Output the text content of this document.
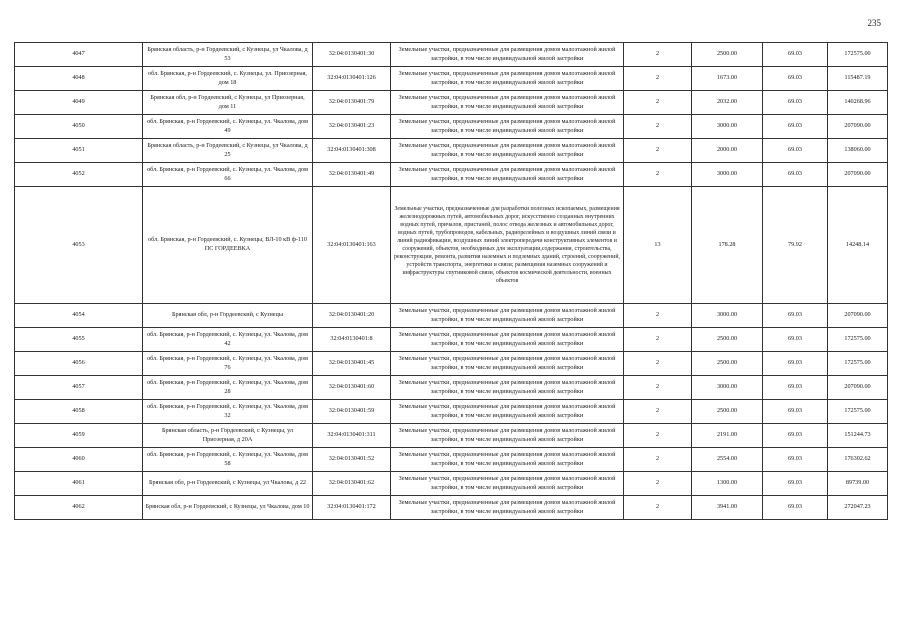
235
4047	Брянская область, р-н Гордеевский, с Кузнецы, ул Чкалова, д 53	32:04:0130401:30	Земельные участки, предназначенные для размещения домов малоэтажной жилой застройки, в том числе индивидуальной жилой застройки	2	2500.00	69.03	172575.00
4048	обл. Брянская, р-н Гордеевский, с. Кузнецы, ул. Приозерная, дом 18	32:04:0130401:126	Земельные участки, предназначенные для размещения домов малоэтажной жилой застройки, в том числе индивидуальной жилой застройки	2	1673.00	69.03	115487.19
4049	Брянская обл, р-н Гордеевский, с Кузнецы, ул Приозерная, дом 11	32:04:0130401:79	Земельные участки, предназначенные для размещения домов малоэтажной жилой застройки, в том числе индивидуальной жилой застройки	2	2032.00	69.03	140268.96
4050	обл. Брянская, р-н Гордеевский, с. Кузнецы, ул. Чкалова, дом 49	32:04:0130401:23	Земельные участки, предназначенные для размещения домов малоэтажной жилой застройки, в том числе индивидуальной жилой застройки	2	3000.00	69.03	207090.00
4051	Брянская область, р-н Гордеевский, с Кузнецы, ул Чкалова, д 25	32:04:0130401:308	Земельные участки, предназначенные для размещения домов малоэтажной жилой застройки, в том числе индивидуальной жилой застройки	2	2000.00	69.03	138060.00
4052	обл. Брянская, р-н Гордеевский, с. Кузнецы, ул. Чкалова, дом 66	32:04:0130401:49	Земельные участки, предназначенные для размещения домов малоэтажной жилой застройки, в том числе индивидуальной жилой застройки	2	3000.00	69.03	207090.00
4053	обл. Брянская, р-н Гордеевский, с. Кузнецы, ВЛ-10 кВ ф-110 ПС ГОРДЕЕВКА	32:04:0130401:163	Земельные участки, предназначенные для разработки полезных ископаемых, размещения железнодорожных путей, автомобильных дорог, искусственно созданных внутренних водных путей, причалов, пристаней, полос отвода железных и автомобильных дорог, водных путей, трубопроводов, кабельных, радиорелейных и воздушных линий связи и линий радиофикации, воздушных линий электропередачи конструктивных элементов и сооружений, объектов, необходимых для эксплуатации,содержания, строительства, реконструкции, ремонта, развития наземных и подземных зданий, строений, сооружений, устройств транспорта, энергетики и связи; размещения наземных сооружений и инфраструктуры спутниковой связи, объектов космической деятельности, военных объектов	13	178.28	79.92	14248.14
4054	Брянская обл, р-н Гордеевский, с Кузнецы	32:04:0130401:20	Земельные участки, предназначенные для размещения домов малоэтажной жилой застройки, в том числе индивидуальной жилой застройки	2	3000.00	69.03	207090.00
4055	обл. Брянская, р-н Гордеевский, с. Кузнецы, ул. Чкалова, дом 42	32:04:0130401:8	Земельные участки, предназначенные для размещения домов малоэтажной жилой застройки, в том числе индивидуальной жилой застройки	2	2500.00	69.03	172575.00
4056	обл. Брянская, р-н Гордеевский, с. Кузнецы, ул. Чкалова, дом 76	32:04:0130401:45	Земельные участки, предназначенные для размещения домов малоэтажной жилой застройки, в том числе индивидуальной жилой застройки	2	2500.00	69.03	172575.00
4057	обл. Брянская, р-н Гордеевский, с. Кузнецы, ул. Чкалова, дом 28	32:04:0130401:60	Земельные участки, предназначенные для размещения домов малоэтажной жилой застройки, в том числе индивидуальной жилой застройки	2	3000.00	69.03	207090.00
4058	обл. Брянская, р-н Гордеевский, с. Кузнецы, ул. Чкалова, дом 32	32:04:0130401:59	Земельные участки, предназначенные для размещения домов малоэтажной жилой застройки, в том числе индивидуальной жилой застройки	2	2500.00	69.03	172575.00
4059	Брянская область, р-н Гордеевский, с Кузнецы, ул Приозерная, д 20А	32:04:0130401:311	Земельные участки, предназначенные для размещения домов малоэтажной жилой застройки, в том числе индивидуальной жилой застройки	2	2191.00	69.03	151244.73
4060	обл. Брянская, р-н Гордеевский, с. Кузнецы, ул. Чкалова, дом 58	32:04:0130401:52	Земельные участки, предназначенные для размещения домов малоэтажной жилой застройки, в том числе индивидуальной жилой застройки	2	2554.00	69.03	176302.62
4061	Брянская обл, р-н Гордеевский, с Кузнецы, ул Чкалова, д 22	32:04:0130401:62	Земельные участки, предназначенные для размещения домов малоэтажной жилой застройки, в том числе индивидуальной жилой застройки	2	1300.00	69.03	89739.00
4062	Брянская обл, р-н Гордеевский, с Кузнецы, ул Чкалова, дом 10	32:04:0130401:172	Земельные участки, предназначенные для размещения домов малоэтажной жилой застройки, в том числе индивидуальной жилой застройки	2	3941.00	69.03	272047.23
